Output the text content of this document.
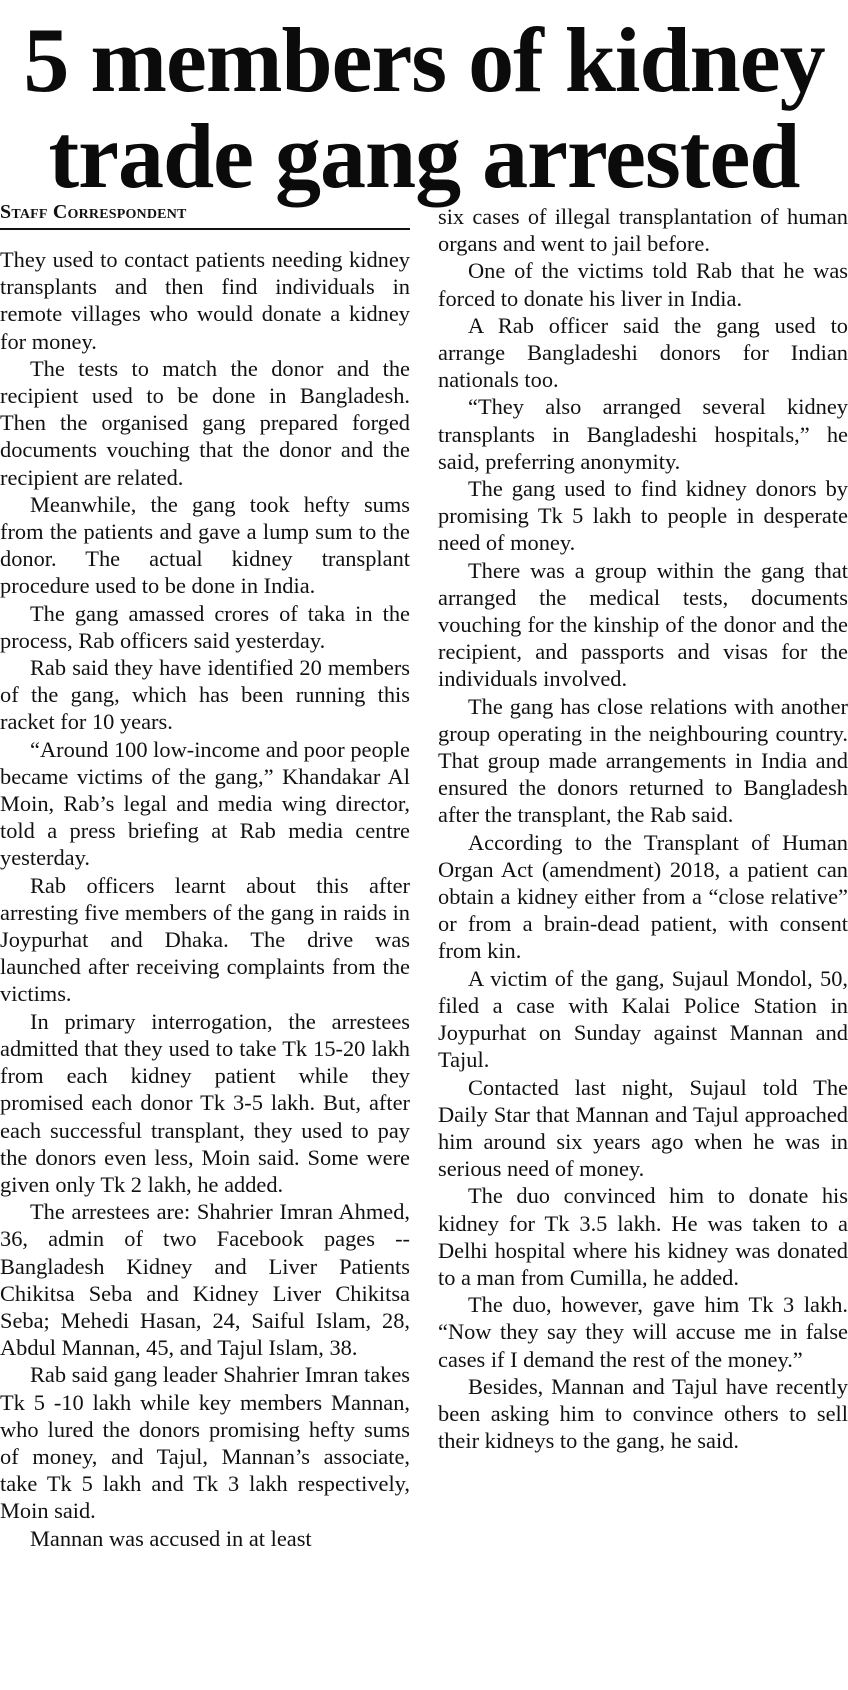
5 members of kidney trade gang arrested
Staff Correspondent

They used to contact patients needing kidney transplants and then find individuals in remote villages who would donate a kidney for money.

The tests to match the donor and the recipient used to be done in Bangladesh. Then the organised gang prepared forged documents vouching that the donor and the recipient are related.

Meanwhile, the gang took hefty sums from the patients and gave a lump sum to the donor. The actual kidney transplant procedure used to be done in India.

The gang amassed crores of taka in the process, Rab officers said yesterday.

Rab said they have identified 20 members of the gang, which has been running this racket for 10 years.

“Around 100 low-income and poor people became victims of the gang,” Khandakar Al Moin, Rab’s legal and media wing director, told a press briefing at Rab media centre yesterday.

Rab officers learnt about this after arresting five members of the gang in raids in Joypurhat and Dhaka. The drive was launched after receiving complaints from the victims.

In primary interrogation, the arrestees admitted that they used to take Tk 15-20 lakh from each kidney patient while they promised each donor Tk 3-5 lakh. But, after each successful transplant, they used to pay the donors even less, Moin said. Some were given only Tk 2 lakh, he added.

The arrestees are: Shahrier Imran Ahmed, 36, admin of two Facebook pages -- Bangladesh Kidney and Liver Patients Chikitsa Seba and Kidney Liver Chikitsa Seba; Mehedi Hasan, 24, Saiful Islam, 28, Abdul Mannan, 45, and Tajul Islam, 38.

Rab said gang leader Shahrier Imran takes Tk 5 -10 lakh while key members Mannan, who lured the donors promising hefty sums of money, and Tajul, Mannan’s associate, take Tk 5 lakh and Tk 3 lakh respectively, Moin said.

Mannan was accused in at least

six cases of illegal transplantation of human organs and went to jail before.

One of the victims told Rab that he was forced to donate his liver in India.

A Rab officer said the gang used to arrange Bangladeshi donors for Indian nationals too.

“They also arranged several kidney transplants in Bangladeshi hospitals,” he said, preferring anonymity.

The gang used to find kidney donors by promising Tk 5 lakh to people in desperate need of money.

There was a group within the gang that arranged the medical tests, documents vouching for the kinship of the donor and the recipient, and passports and visas for the individuals involved.

The gang has close relations with another group operating in the neighbouring country. That group made arrangements in India and ensured the donors returned to Bangladesh after the transplant, the Rab said.

According to the Transplant of Human Organ Act (amendment) 2018, a patient can obtain a kidney either from a “close relative” or from a brain-dead patient, with consent from kin.

A victim of the gang, Sujaul Mondol, 50, filed a case with Kalai Police Station in Joypurhat on Sunday against Mannan and Tajul.

Contacted last night, Sujaul told The Daily Star that Mannan and Tajul approached him around six years ago when he was in serious need of money.

The duo convinced him to donate his kidney for Tk 3.5 lakh. He was taken to a Delhi hospital where his kidney was donated to a man from Cumilla, he added.

The duo, however, gave him Tk 3 lakh. “Now they say they will accuse me in false cases if I demand the rest of the money.”

Besides, Mannan and Tajul have recently been asking him to convince others to sell their kidneys to the gang, he said.
